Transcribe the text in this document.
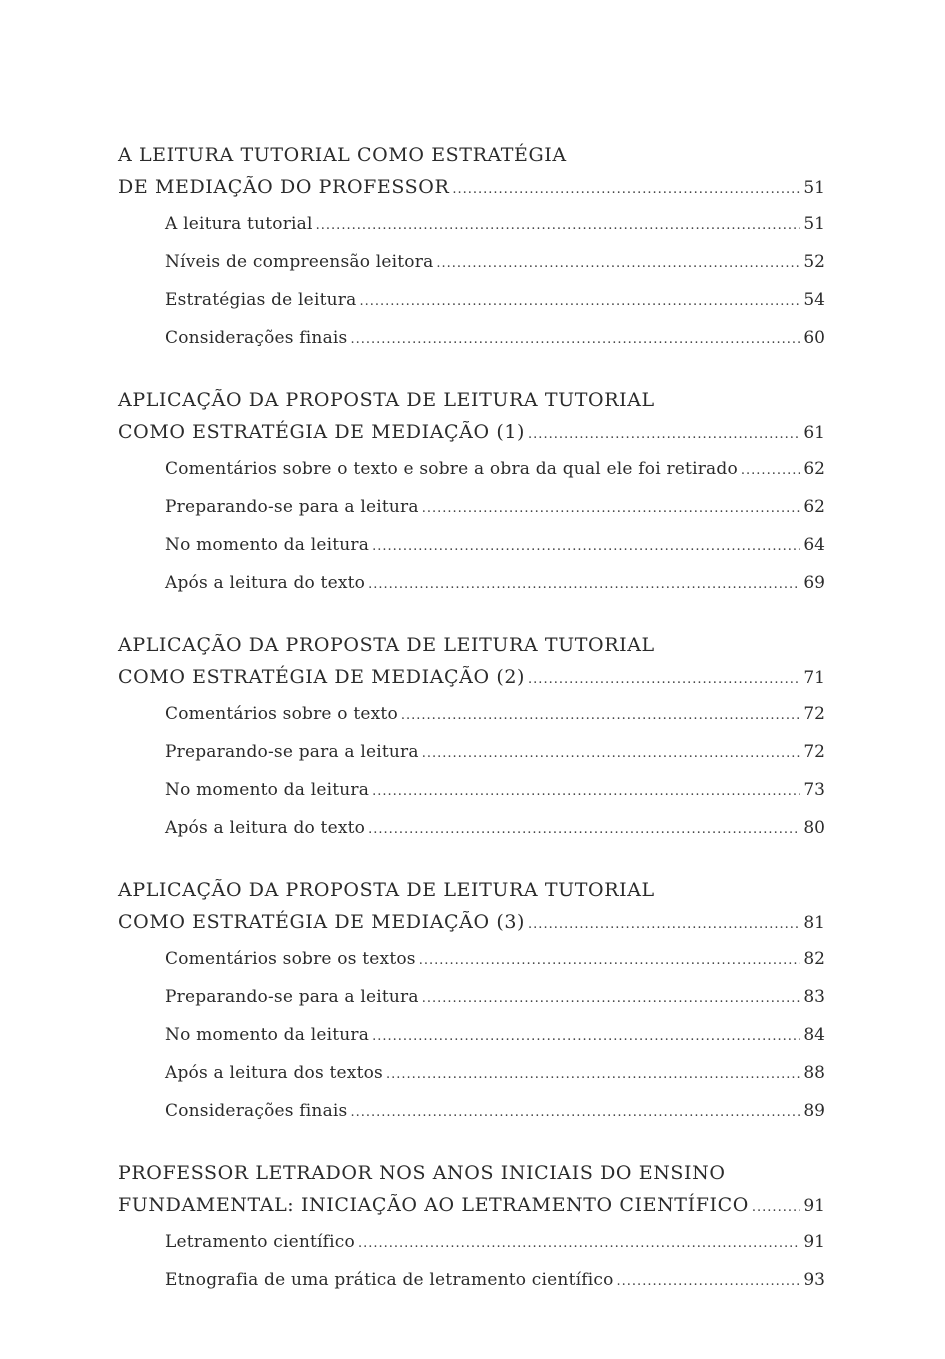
A LEITURA TUTORIAL COMO ESTRATÉGIA
DE MEDIAÇÃO DO PROFESSOR .....	51
A leitura tutorial .....	51
Níveis de compreensão leitora .....	52
Estratégias de leitura .....	54
Considerações finais .....	60
APLICAÇÃO DA PROPOSTA DE LEITURA TUTORIAL
COMO ESTRATÉGIA DE MEDIAÇÃO (1) .....	61
Comentários sobre o texto e sobre a obra da qual ele foi retirado .....	62
Preparando-se para a leitura .....	62
No momento da leitura .....	64
Após a leitura do texto .....	69
APLICAÇÃO DA PROPOSTA DE LEITURA TUTORIAL
COMO ESTRATÉGIA DE MEDIAÇÃO (2) .....	71
Comentários sobre o texto .....	72
Preparando-se para a leitura .....	72
No momento da leitura .....	73
Após a leitura do texto .....	80
APLICAÇÃO DA PROPOSTA DE LEITURA TUTORIAL
COMO ESTRATÉGIA DE MEDIAÇÃO (3) .....	81
Comentários sobre os textos .....	82
Preparando-se para a leitura .....	83
No momento da leitura .....	84
Após a leitura dos textos .....	88
Considerações finais .....	89
PROFESSOR LETRADOR NOS ANOS INICIAIS DO ENSINO
FUNDAMENTAL: INICIAÇÃO AO LETRAMENTO CIENTÍFICO .....	91
Letramento científico .....	91
Etnografia de uma prática de letramento científico .....	93
